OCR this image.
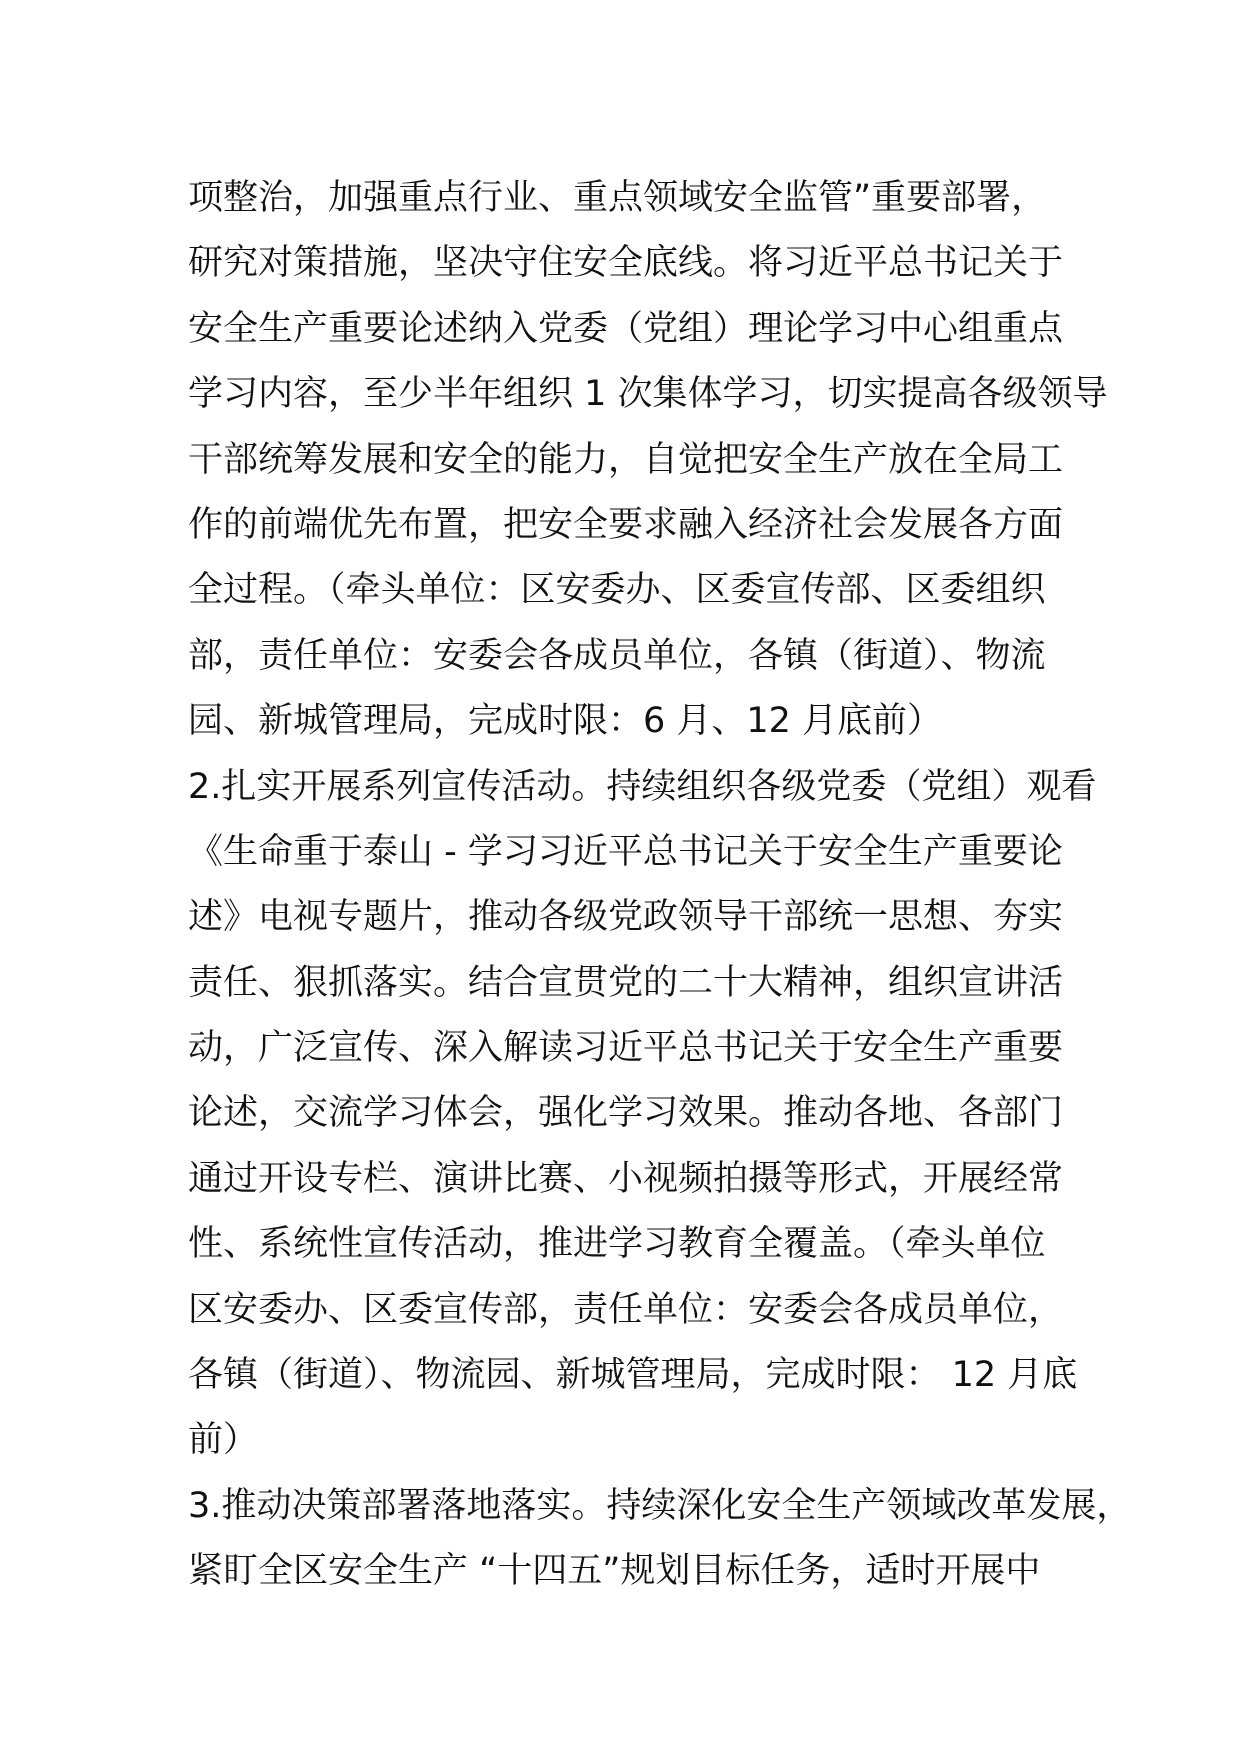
项整治，加强重点行业、重点领域安全监管”重要部署，
研究对策措施，坚决守住安全底线。将习近平总书记关于
安全生产重要论述纳入党委（党组）理论学习中心组重点
学习内容，至少半年组织 1 次集体学习，切实提高各级领导
干部统筹发展和安全的能力，自觉把安全生产放在全局工
作的前端优先布置，把安全要求融入经济社会发展各方面
全过程。（牵头单位：区安委办、区委宣传部、区委组织
部，责任单位：安委会各成员单位，各镇（街道）、物流
园、新城管理局，完成时限：6 月、12 月底前）
2.扎实开展系列宣传活动。持续组织各级党委（党组）观看
《生命重于泰山 - 学习习近平总书记关于安全生产重要论
述》电视专题片，推动各级党政领导干部统一思想、夯实
责任、狠抓落实。结合宣贯党的二十大精神，组织宣讲活
动，广泛宣传、深入解读习近平总书记关于安全生产重要
论述，交流学习体会，强化学习效果。推动各地、各部门
通过开设专栏、演讲比赛、小视频拍摄等形式，开展经常
性、系统性宣传活动，推进学习教育全覆盖。（牵头单位
区安委办、区委宣传部，责任单位：安委会各成员单位，
各镇（街道）、物流园、新城管理局，完成时限： 12 月底
前）
3.推动决策部署落地落实。持续深化安全生产领域改革发展，
紧盯全区安全生产 “十四五”规划目标任务，适时开展中
